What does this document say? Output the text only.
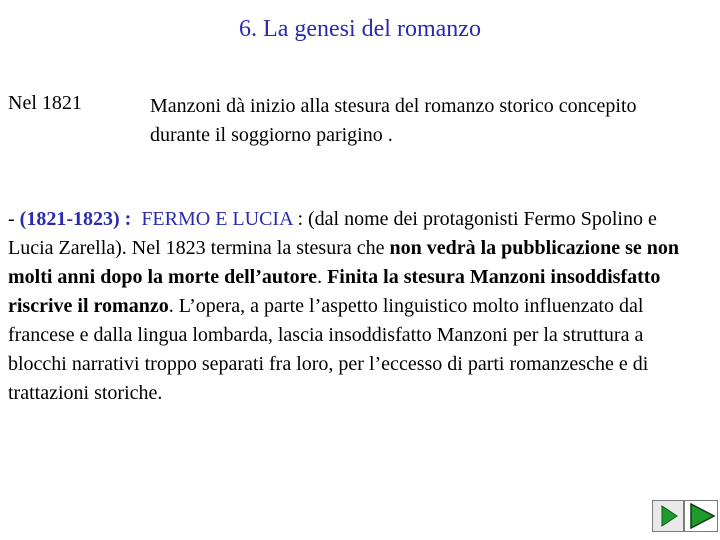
6. La genesi del romanzo
Nel 1821	Manzoni dà inizio alla stesura del romanzo storico concepito durante il soggiorno parigino .
- (1821-1823) : FERMO E LUCIA : (dal nome dei protagonisti Fermo Spolino e Lucia Zarella). Nel 1823 termina la stesura che non vedrà la pubblicazione se non molti anni dopo la morte dell’autore. Finita la stesura Manzoni insoddisfatto riscrive il romanzo. L’opera, a parte l’aspetto linguistico molto influenzato dal francese e dalla lingua lombarda, lascia insoddisfatto Manzoni per la struttura a blocchi narrativi troppo separati fra loro, per l’eccesso di parti romanzesche e di trattazioni storiche.
